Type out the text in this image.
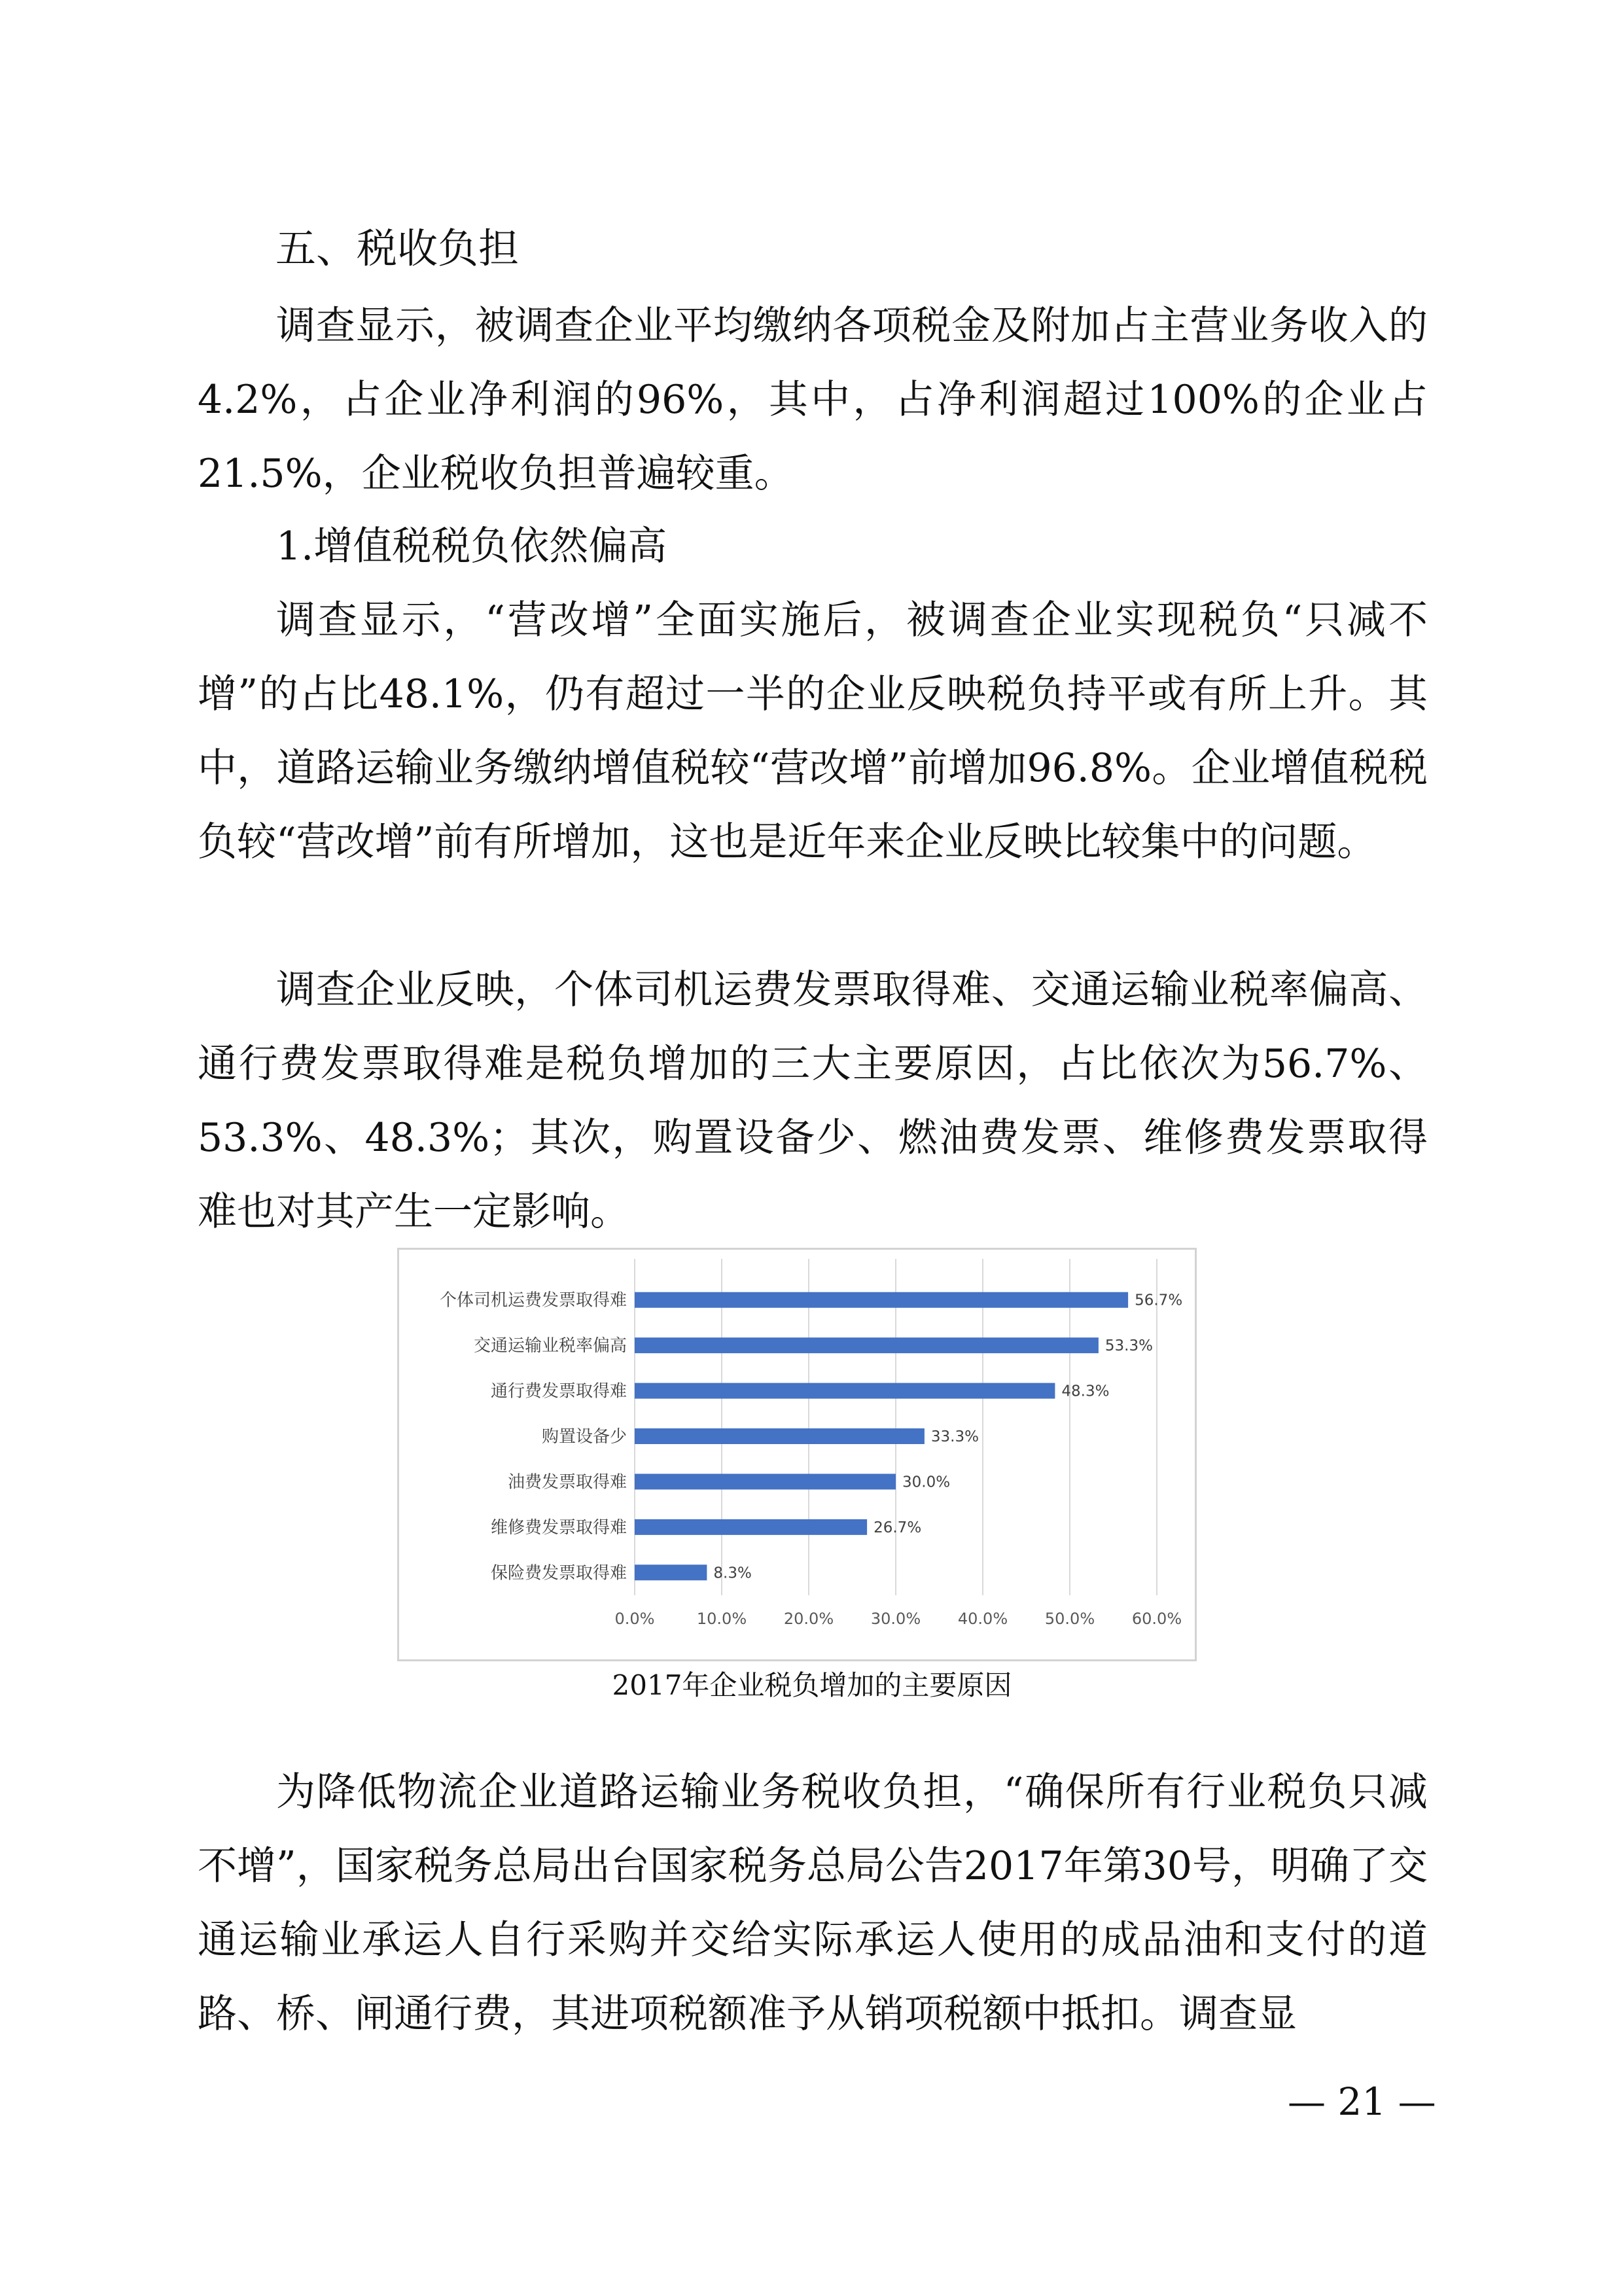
五、税收负担
调查显示，被调查企业平均缴纳各项税金及附加占主营业务收入的 4.2%，占企业净利润的96%，其中，占净利润超过100%的企业占21.5%，企业税收负担普遍较重。
1.增值税税负依然偏高
调查显示，“营改增”全面实施后，被调查企业实现税负“只减不增”的占比48.1%，仍有超过一半的企业反映税负持平或有所上升。其中，道路运输业务缴纳增值税较“营改增”前增加96.8%。企业增值税税负较“营改增”前有所增加，这也是近年来企业反映比较集中的问题。
调查企业反映，个体司机运费发票取得难、交通运输业税率偏高、通行费发票取得难是税负增加的三大主要原因，占比依次为56.7%、53.3%、48.3%；其次，购置设备少、燃油费发票、维修费发票取得难也对其产生一定影响。
0.0%	10.0% 20.0% 30.0% 40.0% 50.0% 60.0%
个体司机运费发票取得难	56.7%
交通运输业税率偏高	53.3%
通行费发票取得难	48.3%
购置设备少	33.3%
油费发票取得难	30.0%
维修费发票取得难	26.7%
保险费发票取得难	8.3%
2017年企业税负增加的主要原因
为降低物流企业道路运输业务税收负担，“确保所有行业税负只减不增”，国家税务总局出台国家税务总局公告2017年第30号，明确了交通运输业承运人自行采购并交给实际承运人使用的成品油和支付的道路、桥、闸通行费，其进项税额准予从销项税额中抵扣。调查显
— 21 —
